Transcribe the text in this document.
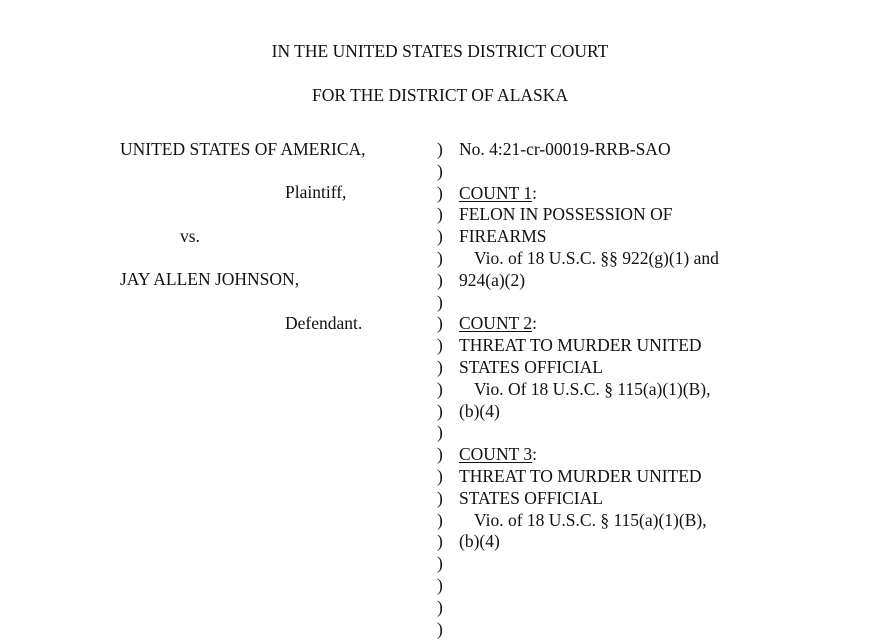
IN THE UNITED STATES DISTRICT COURT
FOR THE DISTRICT OF ALASKA
UNITED STATES OF AMERICA,
Plaintiff,
vs.
JAY ALLEN JOHNSON,
Defendant.
)
)
)
)
)
)
)
)
)
)
)
)
)
)
)
)
)
)
)
)
)
)
)
No. 4:21-cr-00019-RRB-SAO
COUNT 1:
FELON IN POSSESSION OF
FIREARMS
Vio. of 18 U.S.C. §§ 922(g)(1) and
924(a)(2)
COUNT 2:
THREAT TO MURDER UNITED
STATES OFFICIAL
Vio. Of 18 U.S.C. § 115(a)(1)(B),
(b)(4)
COUNT 3:
THREAT TO MURDER UNITED
STATES OFFICIAL
Vio. of 18 U.S.C. § 115(a)(1)(B),
(b)(4)
